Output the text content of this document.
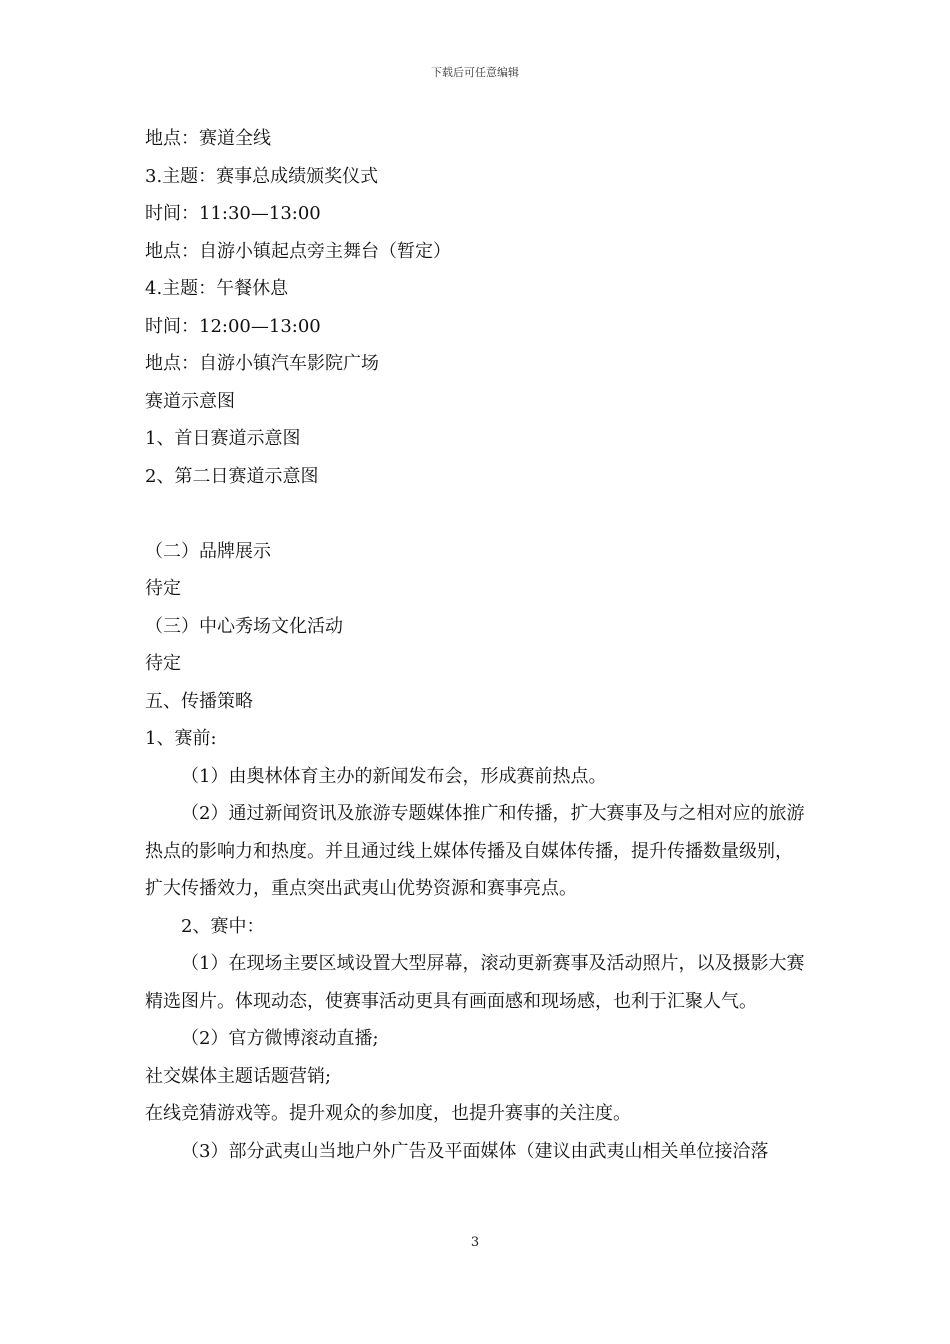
下载后可任意编辑

地点：赛道全线

3.主题：赛事总成绩颁奖仪式

时间：11:30—13:00

地点：自游小镇起点旁主舞台（暂定）

4.主题：午餐休息

时间：12:00—13:00

地点：自游小镇汽车影院广场

赛道示意图

1、首日赛道示意图

2、第二日赛道示意图

（二）品牌展示

待定

（三）中心秀场文化活动

待定

五、传播策略

1、赛前:

（1）由奥林体育主办的新闻发布会，形成赛前热点。

（2）通过新闻资讯及旅游专题媒体推广和传播，扩大赛事及与之相对应的旅游热点的影响力和热度。并且通过线上媒体传播及自媒体传播，提升传播数量级别，扩大传播效力，重点突出武夷山优势资源和赛事亮点。

2、赛中：

（1）在现场主要区域设置大型屏幕，滚动更新赛事及活动照片，以及摄影大赛精选图片。体现动态，使赛事活动更具有画面感和现场感，也利于汇聚人气。

（2）官方微博滚动直播;

社交媒体主题话题营销;

在线竞猜游戏等。提升观众的参加度，也提升赛事的关注度。

（3）部分武夷山当地户外广告及平面媒体（建议由武夷山相关单位接洽落

3
